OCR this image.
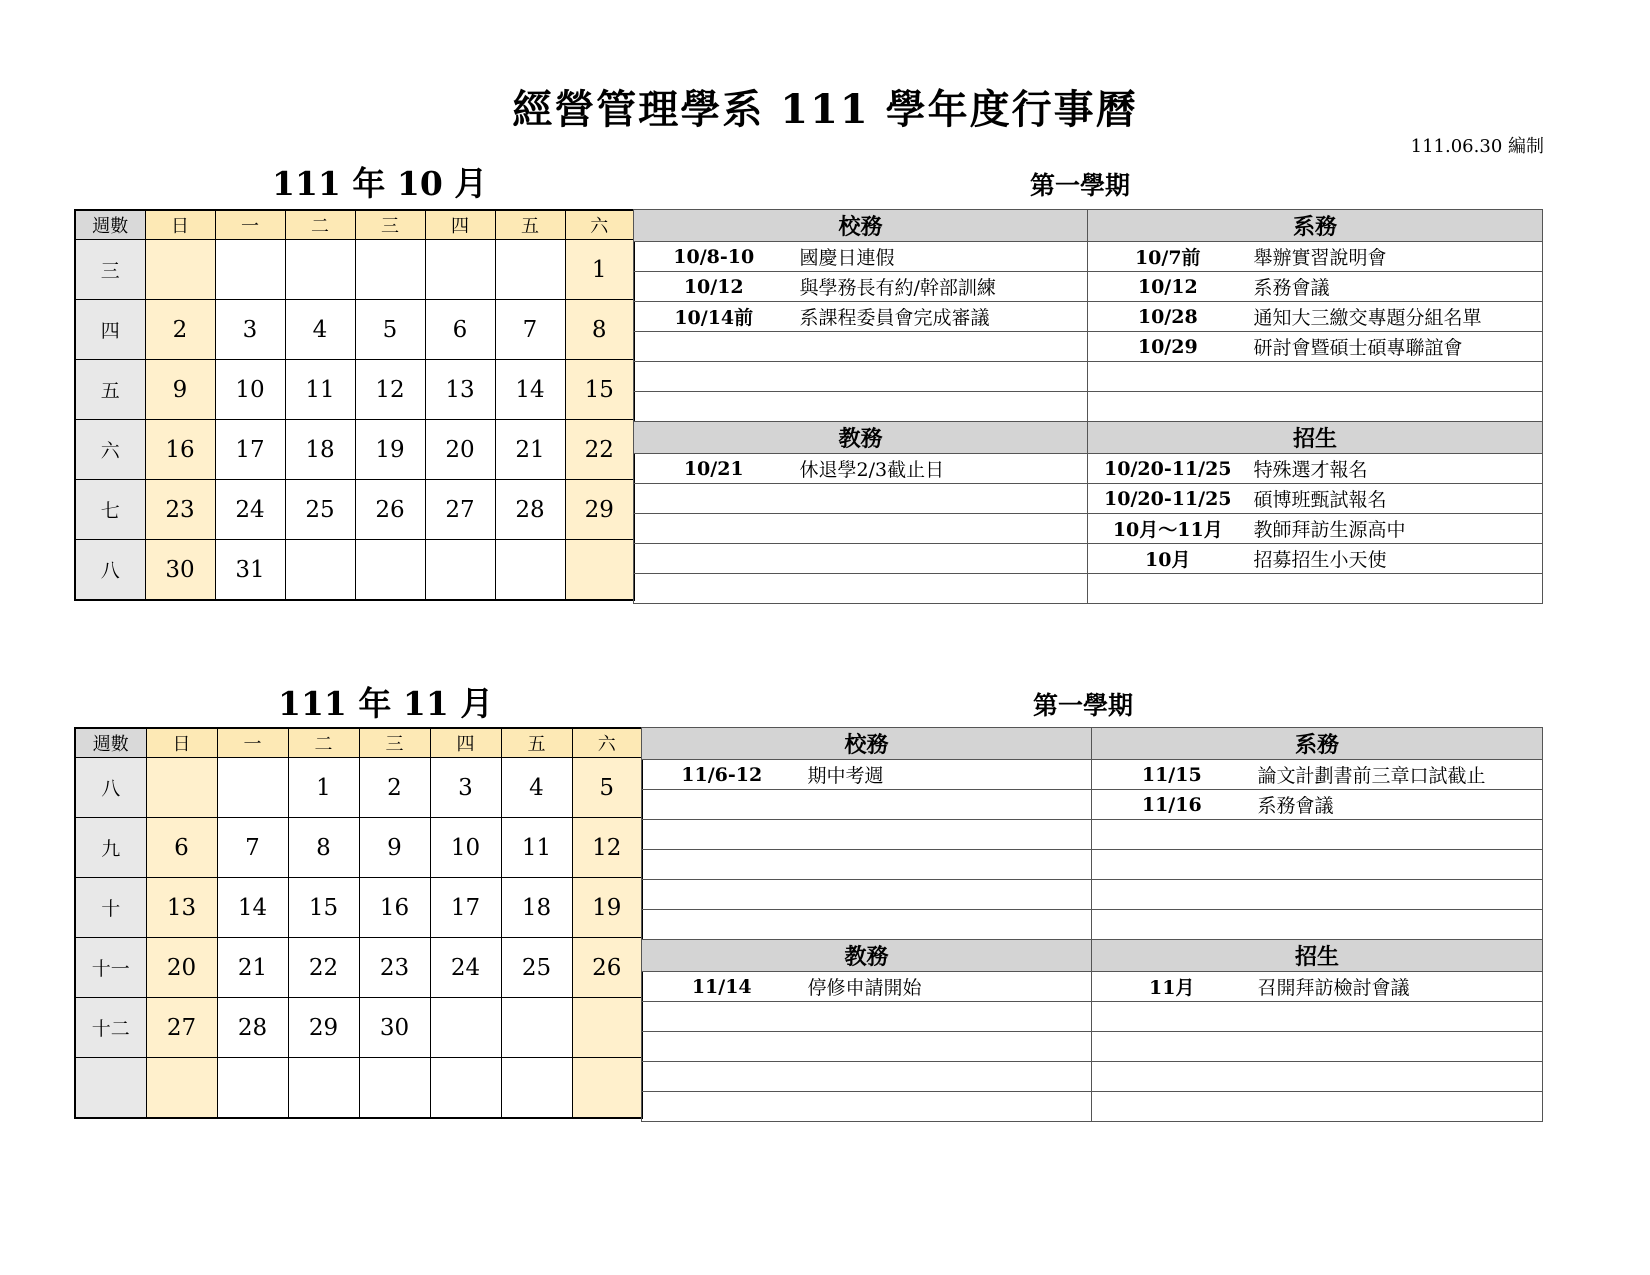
經營管理學系 111 學年度行事曆
111.06.30 編制
111 年 10 月	第一學期
週數	日	一	二	三	四	五	六
三							1
四	2	3	4	5	6	7	8
五	9	10	11	12	13	14	15
六	16	17	18	19	20	21	22
七	23	24	25	26	27	28	29
八	30	31					
校務		系務	
10/8-10	國慶日連假	10/7前	舉辦實習說明會
10/12	與學務長有約/幹部訓練	10/12	系務會議
10/14前	系課程委員會完成審議	10/28	通知大三繳交專題分組名單
		10/29	研討會暨碩士碩專聯誼會

教務		招生	
10/21	休退學2/3截止日	10/20-11/25	特殊選才報名
		10/20-11/25	碩博班甄試報名
		10月～11月	教師拜訪生源高中
		10月	招募招生小天使

111 年 11 月	第一學期
週數	日	一	二	三	四	五	六
八			1	2	3	4	5
九	6	7	8	9	10	11	12
十	13	14	15	16	17	18	19
十一	20	21	22	23	24	25	26
十二	27	28	29	30			

校務		系務	
11/6-12	期中考週	11/15	論文計劃書前三章口試截止
		11/16	系務會議

教務		招生	
11/14	停修申請開始	11月	召開拜訪檢討會議
